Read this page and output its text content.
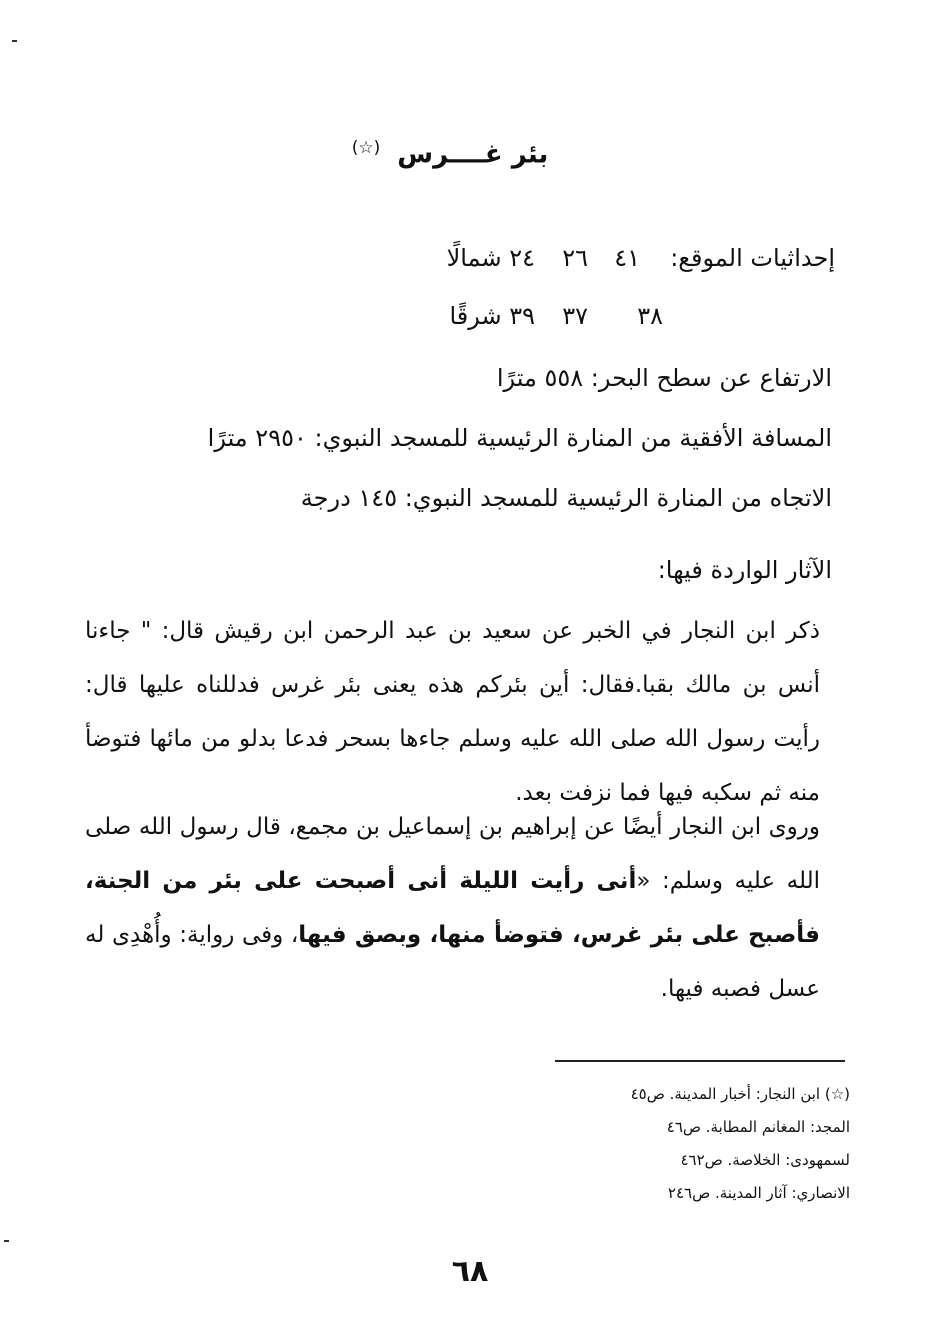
بئر غــــرس (☆)
إحداثيات الموقع:
٤١
٢٦
٢٤ شمالًا
٣٨
٣٧
٣٩ شرقًا
الارتفاع عن سطح البحر: ٥٥٨ مترًا
المسافة الأفقية من المنارة الرئيسية للمسجد النبوي: ٢٩٥٠ مترًا
الاتجاه من المنارة الرئيسية للمسجد النبوي: ١٤٥ درجة
الآثار الواردة فيها:
ذكر ابن النجار في الخبر عن سعيد بن عبد الرحمن ابن رقيش قال: " جاءنا أنس بن مالك بقبا.فقال: أين بئركم هذه يعنى بئر غرس فدللناه عليها قال: رأيت رسول الله صلى الله عليه وسلم جاءها بسحر فدعا بدلو من مائها فتوضأ منه ثم سكبه فيها فما نزفت بعد.
وروى ابن النجار أيضًا عن إبراهيم بن إسماعيل بن مجمع، قال رسول الله صلى الله عليه وسلم: «أنى رأيت الليلة أنى أصبحت على بئر من الجنة، فأصبح على بئر غرس، فتوضأ منها، وبصق فيها، وفى رواية: وأُهْدِى له عسل فصبه فيها.
(☆) ابن النجار: أخبار المدينة. ص٤٥
المجد: المغانم المطابة. ص٤٦
لسمهودى: الخلاصة. ص٤٦٢
الانصاري: آثار المدينة. ص٢٤٦
٦٨
